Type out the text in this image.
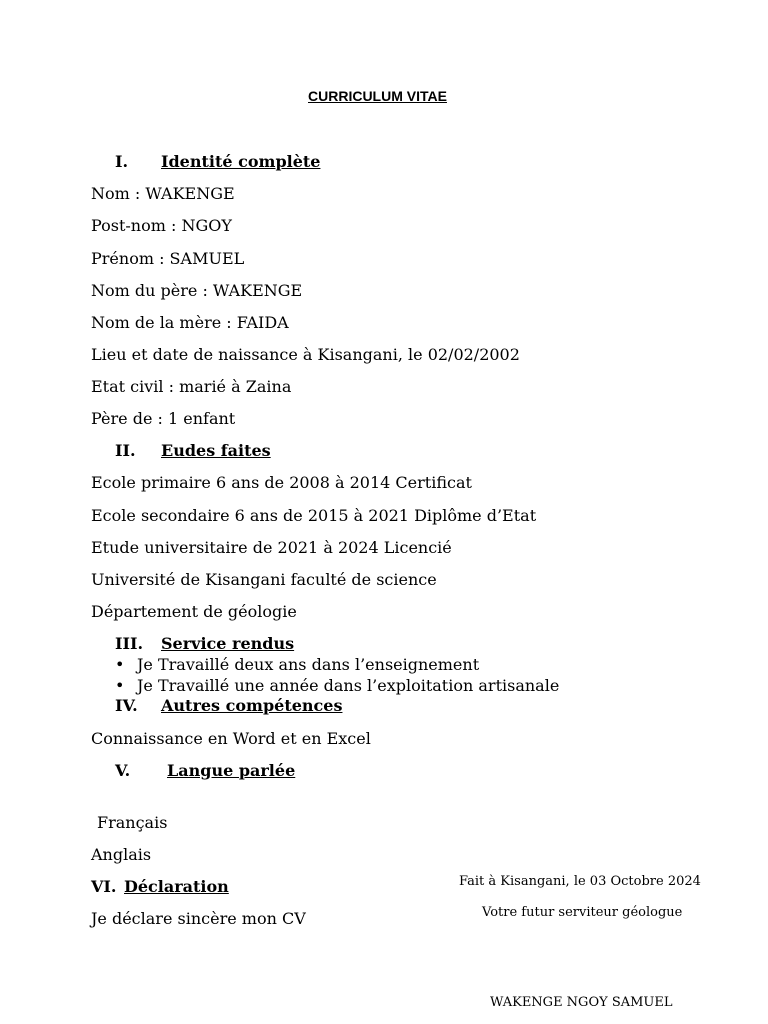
CURRICULUM VITAE
I. Identité complète
Nom : WAKENGE
Post-nom : NGOY
Prénom : SAMUEL
Nom du père : WAKENGE
Nom de la mère : FAIDA
Lieu et date de naissance à Kisangani, le 02/02/2002
Etat civil : marié à Zaina
Père de : 1 enfant
II. Eudes faites
Ecole primaire 6 ans de 2008 à 2014 Certificat
Ecole secondaire 6 ans de 2015 à 2021 Diplôme d’Etat
Etude universitaire de 2021 à 2024 Licencié
Université de Kisangani faculté de science
Département de géologie
III. Service rendus
• Je Travaillé deux ans dans l’enseignement
• Je Travaillé une année dans l’exploitation artisanale
IV. Autres compétences
Connaissance en Word et en Excel
V. Langue parlée
Français
Anglais
VI. Déclaration
Je déclare sincère mon CV
Fait à Kisangani, le 03 Octobre 2024
Votre futur serviteur géologue
WAKENGE NGOY SAMUEL
